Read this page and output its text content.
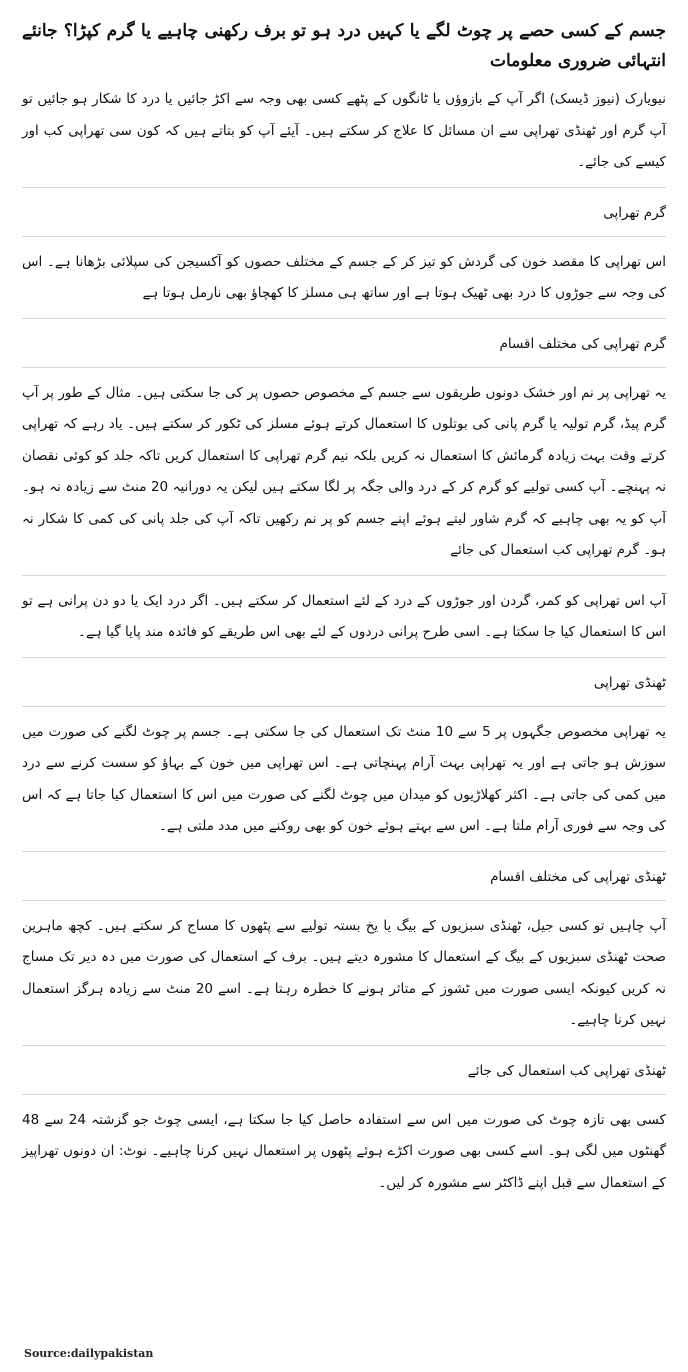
جسم کے کسی حصے پر چوٹ لگے یا کہیں درد ہو تو برف رکھنی چاہیے یا گرم کپڑا؟ جانئے انتہائی ضروری معلومات

نیویارک (نیوز ڈیسک) اگر آپ کے بازوؤں یا ٹانگوں کے پٹھے کسی بھی وجہ سے اکڑ جائیں یا درد کا شکار ہو جائیں تو آپ گرم اور ٹھنڈی تھراپی سے ان مسائل کا علاج کر سکتے ہیں۔ آیئے آپ کو بتاتے ہیں کہ کون سی تھراپی کب اور کیسے کی جائے۔

گرم تھراپی

اس تھراپی کا مقصد خون کی گردش کو تیز کر کے جسم کے مختلف حصوں کو آکسیجن کی سپلائی بڑھانا ہے۔ اس کی وجہ سے جوڑوں کا درد بھی ٹھیک ہوتا ہے اور ساتھ ہی مسلز کا کھچاؤ بھی نارمل ہوتا ہے

گرم تھراپی کی مختلف اقسام

یہ تھراپی پر نم اور خشک دونوں طریقوں سے جسم کے مخصوص حصوں پر کی جا سکتی ہیں۔ مثال کے طور پر آپ گرم پیڈ، گرم تولیہ یا گرم پانی کی بوتلوں کا استعمال کرتے ہوئے مسلز کی ٹکور کر سکتے ہیں۔ یاد رہے کہ تھراپی کرتے وقت بہت زیادہ گرمائش کا استعمال نہ کریں بلکہ نیم گرم تھراپی کا استعمال کریں تاکہ جلد کو کوئی نقصان نہ پہنچے۔ آپ کسی تولیے کو گرم کر کے درد والی جگہ پر لگا سکتے ہیں لیکن یہ دورانیہ 20 منٹ سے زیادہ نہ ہو۔ آپ کو یہ بھی چاہیے کہ گرم شاور لیتے ہوئے اپنے جسم کو پر نم رکھیں تاکہ آپ کی جلد پانی کی کمی کا شکار نہ ہو۔ گرم تھراپی کب استعمال کی جائے

آپ اس تھراپی کو کمر، گردن اور جوڑوں کے درد کے لئے استعمال کر سکتے ہیں۔ اگر درد ایک یا دو دن پرانی ہے تو اس کا استعمال کیا جا سکتا ہے۔ اسی طرح پرانی دردوں کے لئے بھی اس طریقے کو فائدہ مند پایا گیا ہے۔

ٹھنڈی تھراپی

یہ تھراپی مخصوص جگہوں پر 5 سے 10 منٹ تک استعمال کی جا سکتی ہے۔ جسم پر چوٹ لگنے کی صورت میں سوزش ہو جاتی ہے اور یہ تھراپی بہت آرام پہنچاتی ہے۔ اس تھراپی میں خون کے بہاؤ کو سست کرنے سے درد میں کمی کی جاتی ہے۔ اکثر کھلاڑیوں کو میدان میں چوٹ لگنے کی صورت میں اس کا استعمال کیا جاتا ہے کہ اس کی وجہ سے فوری آرام ملتا ہے۔ اس سے بہتے ہوئے خون کو بھی روکنے میں مدد ملتی ہے۔

ٹھنڈی تھراپی کی مختلف اقسام

آپ چاہیں تو کسی جیل، ٹھنڈی سبزیوں کے بیگ یا یخ بستہ تولیے سے پٹھوں کا مساج کر سکتے ہیں۔ کچھ ماہرین صحت ٹھنڈی سبزیوں کے بیگ کے استعمال کا مشورہ دیتے ہیں۔ برف کے استعمال کی صورت میں دہ دیر تک مساج نہ کریں کیونکہ ایسی صورت میں ٹشوز کے متاثر ہونے کا خطرہ رہتا ہے۔ اسے 20 منٹ سے زیادہ ہرگز استعمال نہیں کرنا چاہیے۔

ٹھنڈی تھراپی کب استعمال کی جائے

کسی بھی تازہ چوٹ کی صورت میں اس سے استفادہ حاصل کیا جا سکتا ہے، ایسی چوٹ جو گزشتہ 24 سے 48 گھنٹوں میں لگی ہو۔ اسے کسی بھی صورت اکڑے ہوئے پٹھوں پر استعمال نہیں کرنا چاہیے۔ نوٹ: ان دونوں تھراپیز کے استعمال سے قبل اپنے ڈاکٹر سے مشورہ کر لیں۔

Source:dailypakistan
